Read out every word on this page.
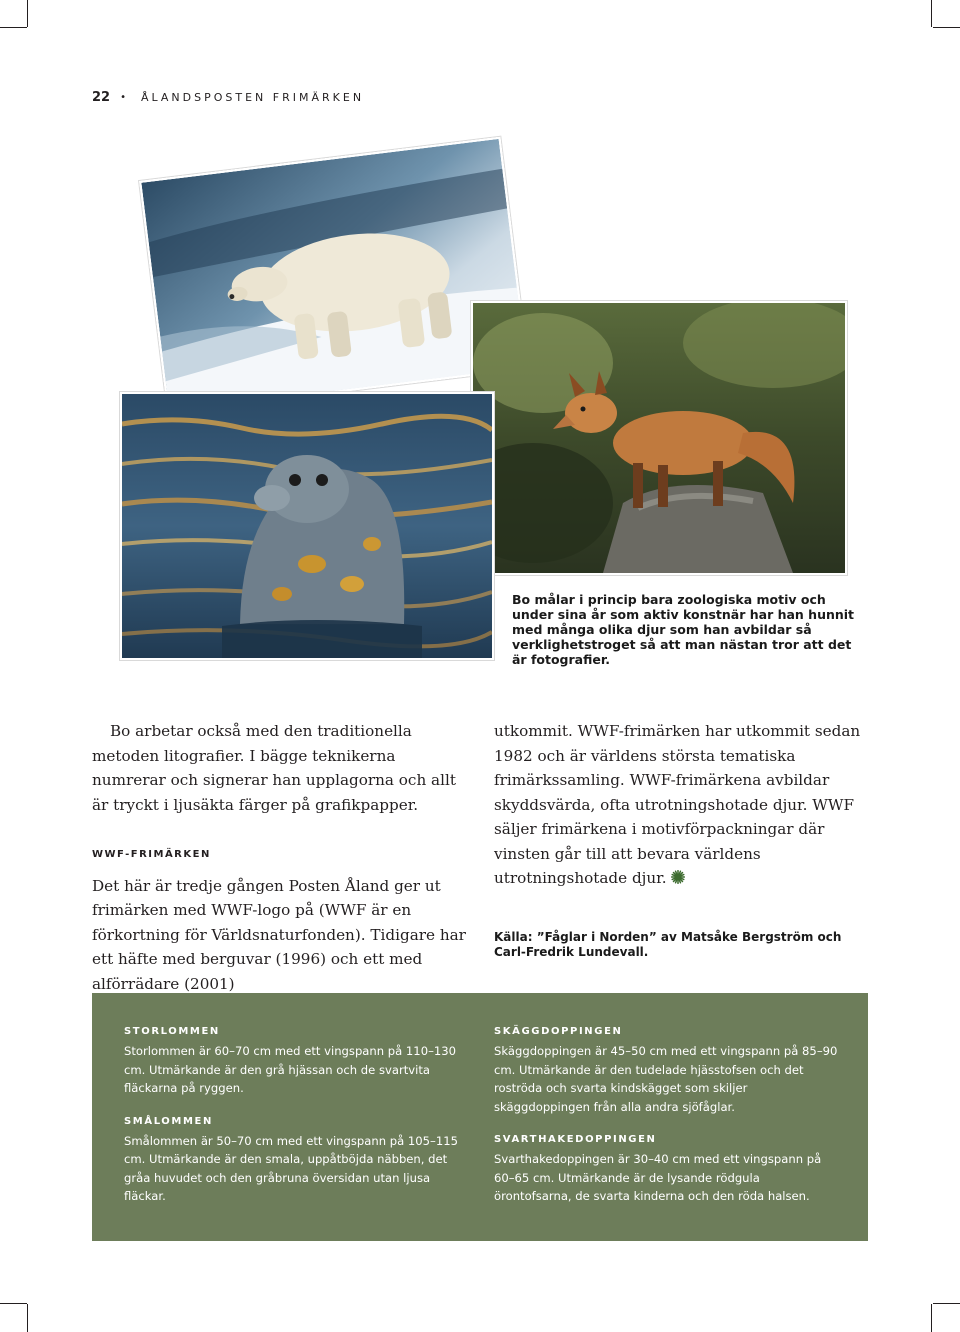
22 • ÅLANDSPOSTEN FRIMÄRKEN
Bo målar i princip bara zoologiska motiv och under sina år som aktiv konstnär har han hunnit med många olika djur som han avbildar så verklighetstroget så att man nästan tror att det är fotografier.

Bo arbetar också med den traditionella metoden litografier. I bägge teknikerna numrerar och signerar han upplagorna och allt är tryckt i ljusäkta färger på grafikpapper.

WWF-FRIMÄRKEN

Det här är tredje gången Posten Åland ger ut frimärken med WWF-logo på (WWF är en förkortning för Världsnaturfonden). Tidigare har ett häfte med berguvar (1996) och ett med alförrädare (2001)

utkommit. WWF-frimärken har utkommit sedan 1982 och är världens största tematiska frimärkssamling. WWF-frimärkena avbildar skyddsvärda, ofta utrotningshotade djur. WWF säljer frimärkena i motivförpackningar där vinsten går till att bevara världens utrotningshotade djur.

Källa: ”Fåglar i Norden” av Matsåke Bergström och Carl-Fredrik Lundevall.
STORLOMMEN
Storlommen är 60–70 cm med ett vingspann på 110–130 cm. Utmärkande är den grå hjässan och de svartvita fläckarna på ryggen.
SMÅLOMMEN
Smålommen är 50–70 cm med ett vingspann på 105–115 cm. Utmärkande är den smala, uppåtböjda näbben, det gråa huvudet och den gråbruna översidan utan ljusa fläckar.
SKÄGGDOPPINGEN
Skäggdoppingen är 45–50 cm med ett vingspann på 85–90 cm. Utmärkande är den tudelade hjässtofsen och det roströda och svarta kindskägget som skiljer skäggdoppingen från alla andra sjöfåglar.
SVARTHAKEDOPPINGEN
Svarthakedoppingen är 30–40 cm med ett vingspann på 60–65 cm. Utmärkande är de lysande rödgula örontofsarna, de svarta kinderna och den röda halsen.
